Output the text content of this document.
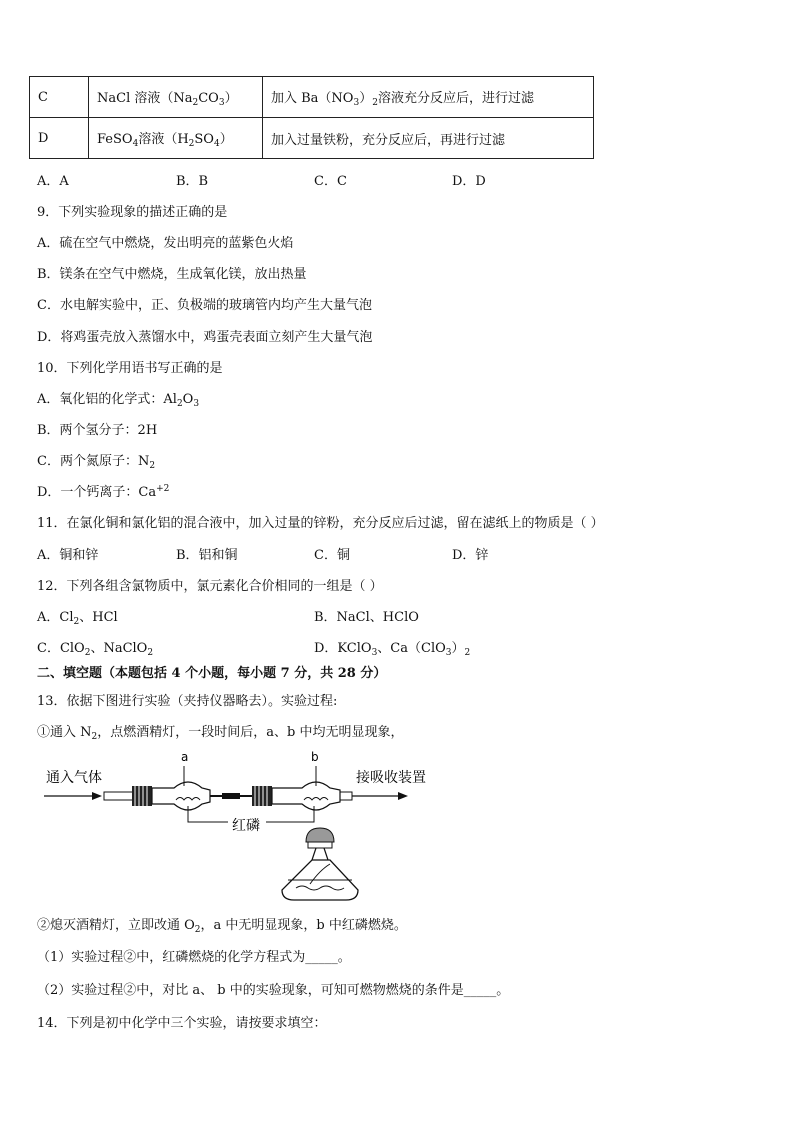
C	NaCl 溶液$(Na_2CO_3)$	加入 $Ba(NO_3)_2$溶液充分反应后，进行过滤
D	FeSO$_4$溶液$(H_2SO_4)$	加入过量铁粉，充分反应后，再进行过滤
A．A	B．B	C．C	D．D
9．下列实验现象的描述正确的是
A．硫在空气中燃烧，发出明亮的蓝紫色火焰
B．镁条在空气中燃烧，生成氧化镁，放出热量
C．水电解实验中，正、负极端的玻璃管内均产生大量气泡
D．将鸡蛋壳放入蒸馏水中，鸡蛋壳表面立刻产生大量气泡
10．下列化学用语书写正确的是
A．氧化铝的化学式：$Al_2O_3$
B．两个氢分子：2H
C．两个氮原子：$N_2$
D．一个钙离子：$Ca^{+2}$
11．在氯化铜和氯化铝的混合液中，加入过量的锌粉，充分反应后过滤，留在滤纸上的物质是（ ）
A．铜和锌	B．铝和铜	C．铜	D．锌
12．下列各组含氯物质中，氯元素化合价相同的一组是（ ）
A．$Cl_2$、HCl	B．NaCl、HClO
C．ClO$_2$、NaClO$_2$	D．KClO$_3$、$Ca(ClO_3)_2$
二、填空题（本题包括 4 个小题，每小题 7 分，共 28 分）
13．依据下图进行实验（夹持仪器略去）。实验过程:
①通入 $N_2$，点燃酒精灯，一段时间后，a、b 中均无明显现象，
通入气体
a	b
接吸收装置
红磷
②熄灭酒精灯，立即改通 $O_2$，a 中无明显现象，b 中红磷燃烧。
（1）实验过程②中，红磷燃烧的化学方程式为_____。
（2）实验过程②中，对比 a、 b 中的实验现象，可知可燃物燃烧的条件是_____。
14．下列是初中化学中三个实验，请按要求填空：
